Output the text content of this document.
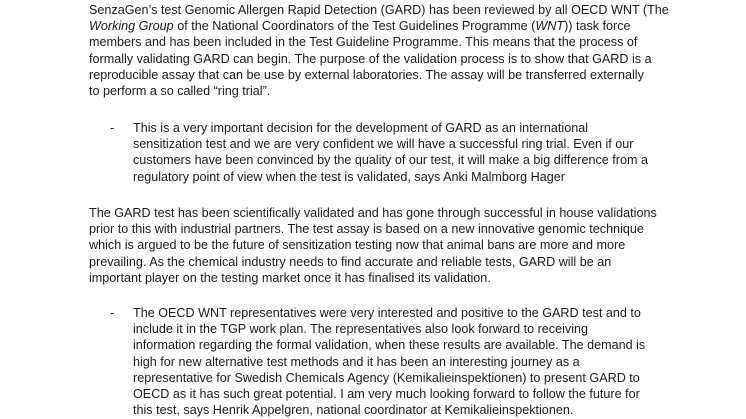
SenzaGen’s test Genomic Allergen Rapid Detection (GARD) has been reviewed by all OECD WNT (The
Working Group of the National Coordinators of the Test Guidelines Programme (WNT)) task force
members and has been included in the Test Guideline Programme. This means that the process of
formally validating GARD can begin. The purpose of the validation process is to show that GARD is a
reproducible assay that can be use by external laboratories. The assay will be transferred externally
to perform a so called “ring trial”.
- This is a very important decision for the development of GARD as an international
sensitization test and we are very confident we will have a successful ring trial. Even if our
customers have been convinced by the quality of our test, it will make a big difference from a
regulatory point of view when the test is validated, says Anki Malmborg Hager
The GARD test has been scientifically validated and has gone through successful in house validations
prior to this with industrial partners. The test assay is based on a new innovative genomic technique
which is argued to be the future of sensitization testing now that animal bans are more and more
prevailing. As the chemical industry needs to find accurate and reliable tests, GARD will be an
important player on the testing market once it has finalised its validation.
- The OECD WNT representatives were very interested and positive to the GARD test and to
include it in the TGP work plan. The representatives also look forward to receiving
information regarding the formal validation, when these results are available. The demand is
high for new alternative test methods and it has been an interesting journey as a
representative for Swedish Chemicals Agency (Kemikalieinspektionen) to present GARD to
OECD as it has such great potential. I am very much looking forward to follow the future for
this test, says Henrik Appelgren, national coordinator at Kemikalieinspektionen.
